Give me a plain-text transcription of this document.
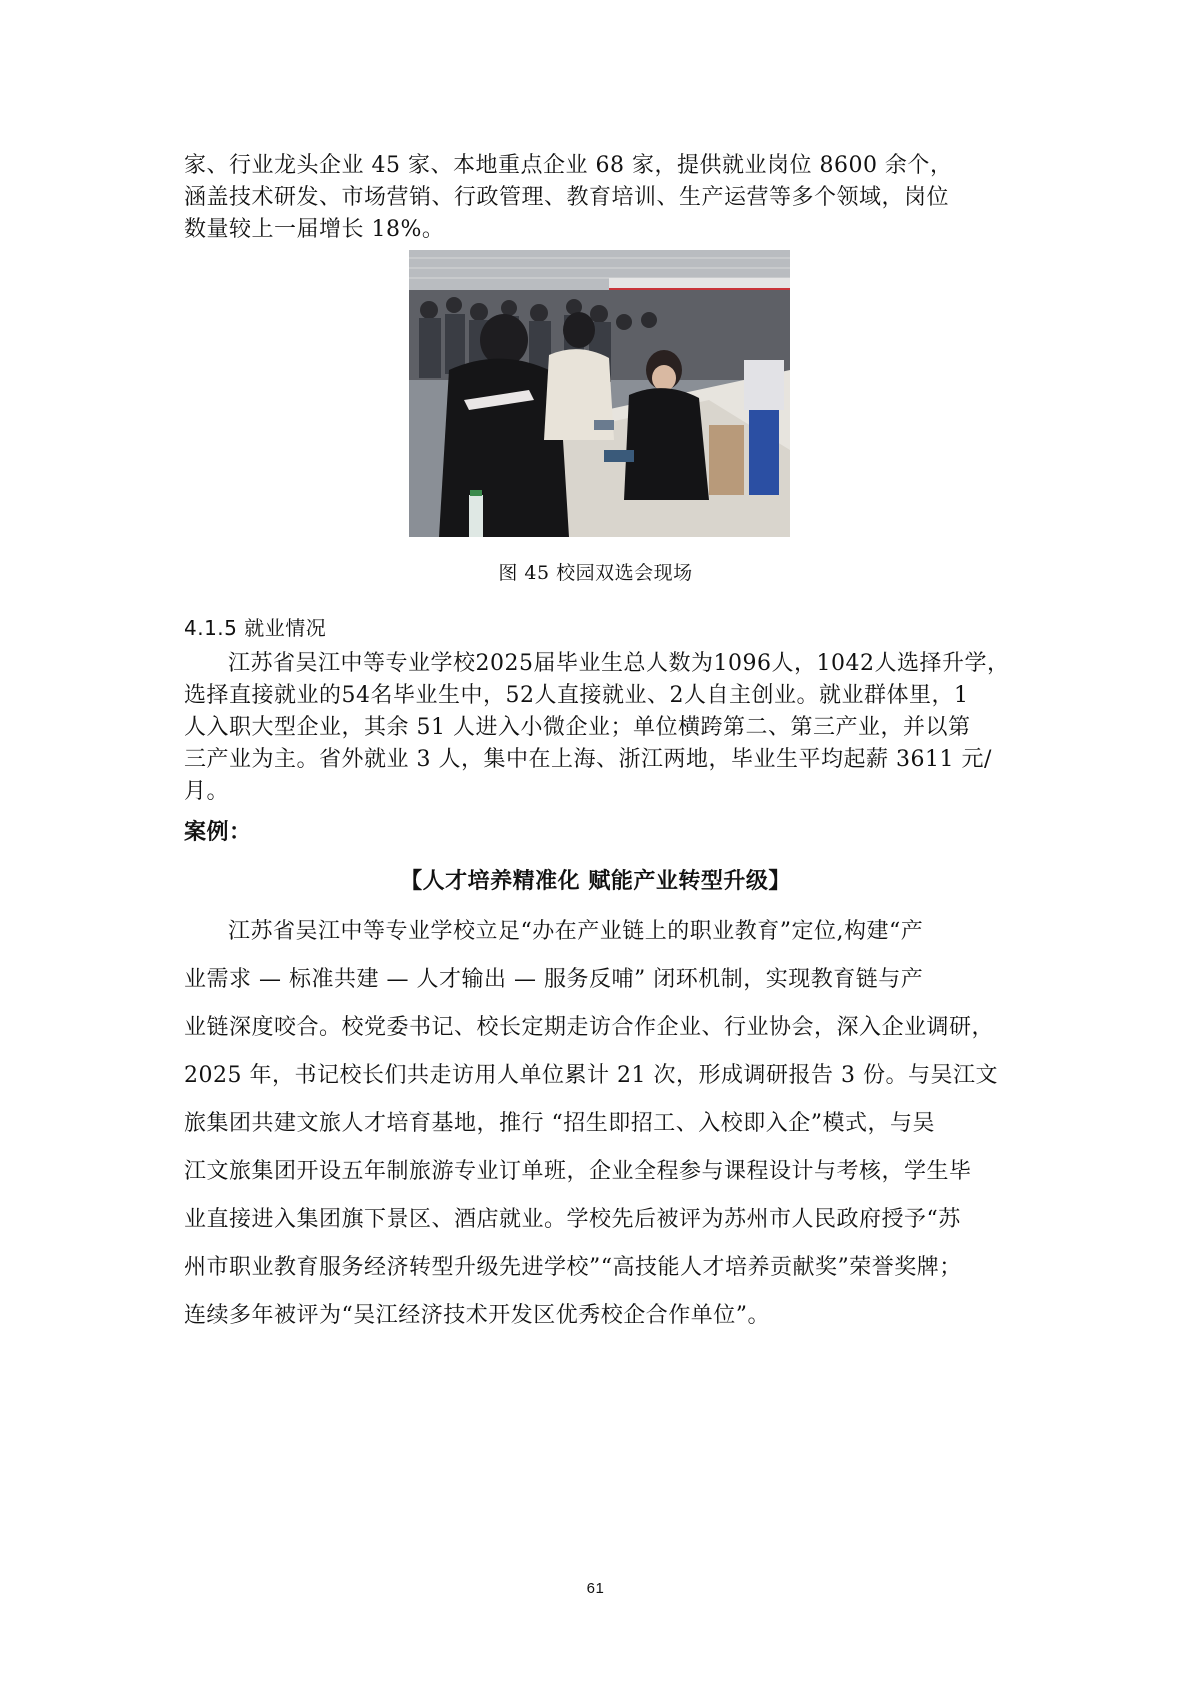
家、行业龙头企业 45 家、本地重点企业 68 家，提供就业岗位 8600 余个，
涵盖技术研发、市场营销、行政管理、教育培训、生产运营等多个领域，岗位
数量较上一届增长 18%。
图 45 校园双选会现场
4.1.5 就业情况
江苏省吴江中等专业学校2025届毕业生总人数为1096人，1042人选择升学，
选择直接就业的54名毕业生中，52人直接就业、2人自主创业。就业群体里，1
人入职大型企业，其余 51 人进入小微企业；单位横跨第二、第三产业，并以第
三产业为主。省外就业 3 人，集中在上海、浙江两地，毕业生平均起薪 3611 元/
月。
案例：
【人才培养精准化 赋能产业转型升级】
江苏省吴江中等专业学校立足“办在产业链上的职业教育”定位,构建“产
业需求 — 标准共建 — 人才输出 — 服务反哺” 闭环机制，实现教育链与产
业链深度咬合。校党委书记、校长定期走访合作企业、行业协会，深入企业调研，
2025 年，书记校长们共走访用人单位累计 21 次，形成调研报告 3 份。与吴江文
旅集团共建文旅人才培育基地，推行 “招生即招工、入校即入企”模式，与吴
江文旅集团开设五年制旅游专业订单班，企业全程参与课程设计与考核，学生毕
业直接进入集团旗下景区、酒店就业。学校先后被评为苏州市人民政府授予“苏
州市职业教育服务经济转型升级先进学校”“高技能人才培养贡献奖”荣誉奖牌；
连续多年被评为“吴江经济技术开发区优秀校企合作单位”。
61
